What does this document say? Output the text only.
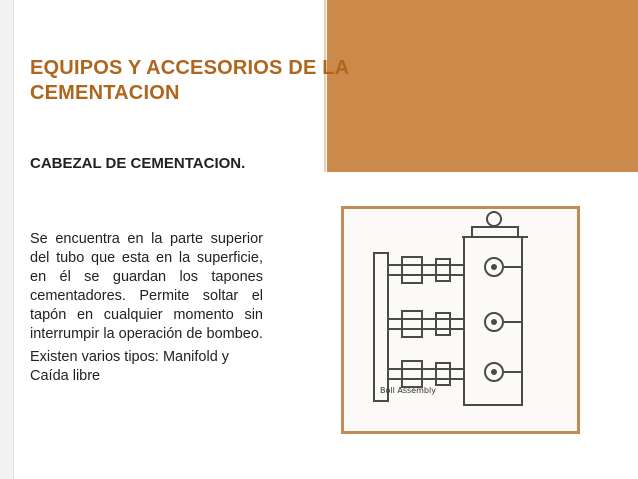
EQUIPOS Y ACCESORIOS DE LA CEMENTACION
CABEZAL DE CEMENTACION.

Se encuentra en la parte superior del tubo que esta en la superficie, en él se guardan los tapones cementadores. Permite soltar el tapón en cualquier momento sin interrumpir la operación de bombeo.

Existen varios tipos: Manifold y Caída libre

Boll Assembly
